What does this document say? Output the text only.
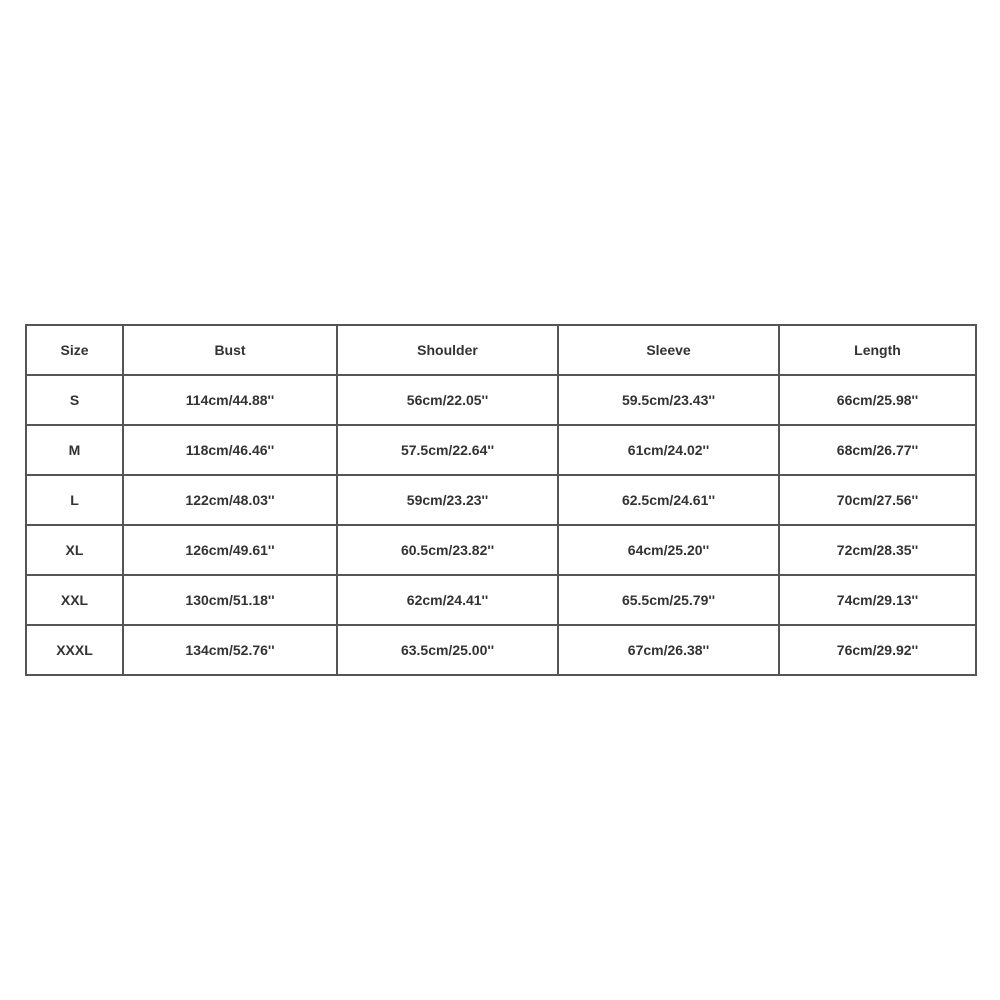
Size	Bust	Shoulder	Sleeve	Length
S	114cm/44.88''	56cm/22.05''	59.5cm/23.43''	66cm/25.98''
M	118cm/46.46''	57.5cm/22.64''	61cm/24.02''	68cm/26.77''
L	122cm/48.03''	59cm/23.23''	62.5cm/24.61''	70cm/27.56''
XL	126cm/49.61''	60.5cm/23.82''	64cm/25.20''	72cm/28.35''
XXL	130cm/51.18''	62cm/24.41''	65.5cm/25.79''	74cm/29.13''
XXXL	134cm/52.76''	63.5cm/25.00''	67cm/26.38''	76cm/29.92''
